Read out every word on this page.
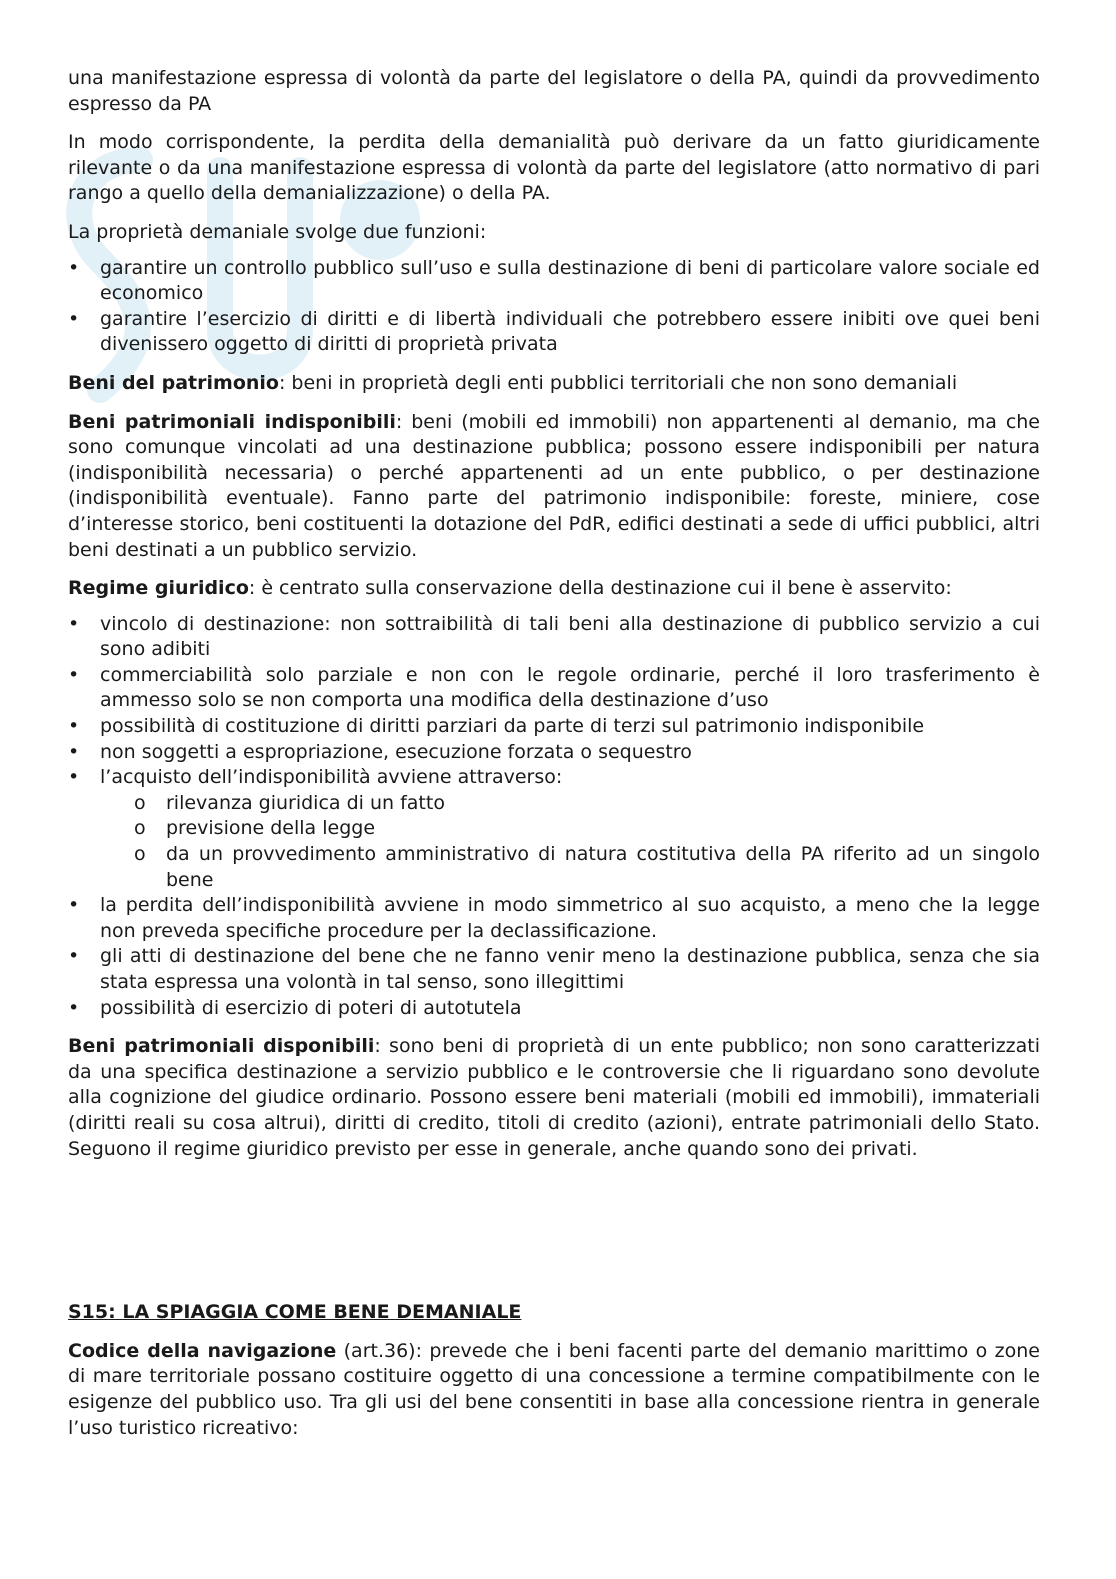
una manifestazione espressa di volontà da parte del legislatore o della PA, quindi da provvedimento espresso da PA

In modo corrispondente, la perdita della demanialità può derivare da un fatto giuridicamente rilevante o da una manifestazione espressa di volontà da parte del legislatore (atto normativo di pari rango a quello della demanializzazione) o della PA.

La proprietà demaniale svolge due funzioni:

• garantire un controllo pubblico sull’uso e sulla destinazione di beni di particolare valore sociale ed economico
• garantire l’esercizio di diritti e di libertà individuali che potrebbero essere inibiti ove quei beni divenissero oggetto di diritti di proprietà privata

Beni del patrimonio: beni in proprietà degli enti pubblici territoriali che non sono demaniali

Beni patrimoniali indisponibili: beni (mobili ed immobili) non appartenenti al demanio, ma che sono comunque vincolati ad una destinazione pubblica; possono essere indisponibili per natura (indisponibilità necessaria) o perché appartenenti ad un ente pubblico, o per destinazione (indisponibilità eventuale). Fanno parte del patrimonio indisponibile: foreste, miniere, cose d’interesse storico, beni costituenti la dotazione del PdR, edifici destinati a sede di uffici pubblici, altri beni destinati a un pubblico servizio.

Regime giuridico: è centrato sulla conservazione della destinazione cui il bene è asservito:

• vincolo di destinazione: non sottraibilità di tali beni alla destinazione di pubblico servizio a cui sono adibiti
• commerciabilità solo parziale e non con le regole ordinarie, perché il loro trasferimento è ammesso solo se non comporta una modifica della destinazione d’uso
• possibilità di costituzione di diritti parziari da parte di terzi sul patrimonio indisponibile
• non soggetti a espropriazione, esecuzione forzata o sequestro
• l’acquisto dell’indisponibilità avviene attraverso:
o rilevanza giuridica di un fatto
o previsione della legge
o da un provvedimento amministrativo di natura costitutiva della PA riferito ad un singolo bene
• la perdita dell’indisponibilità avviene in modo simmetrico al suo acquisto, a meno che la legge non preveda specifiche procedure per la declassificazione.
• gli atti di destinazione del bene che ne fanno venir meno la destinazione pubblica, senza che sia stata espressa una volontà in tal senso, sono illegittimi
• possibilità di esercizio di poteri di autotutela

Beni patrimoniali disponibili: sono beni di proprietà di un ente pubblico; non sono caratterizzati da una specifica destinazione a servizio pubblico e le controversie che li riguardano sono devolute alla cognizione del giudice ordinario. Possono essere beni materiali (mobili ed immobili), immateriali (diritti reali su cosa altrui), diritti di credito, titoli di credito (azioni), entrate patrimoniali dello Stato. Seguono il regime giuridico previsto per esse in generale, anche quando sono dei privati.

S15: LA SPIAGGIA COME BENE DEMANIALE

Codice della navigazione (art.36): prevede che i beni facenti parte del demanio marittimo o zone di mare territoriale possano costituire oggetto di una concessione a termine compatibilmente con le esigenze del pubblico uso. Tra gli usi del bene consentiti in base alla concessione rientra in generale l’uso turistico ricreativo:
